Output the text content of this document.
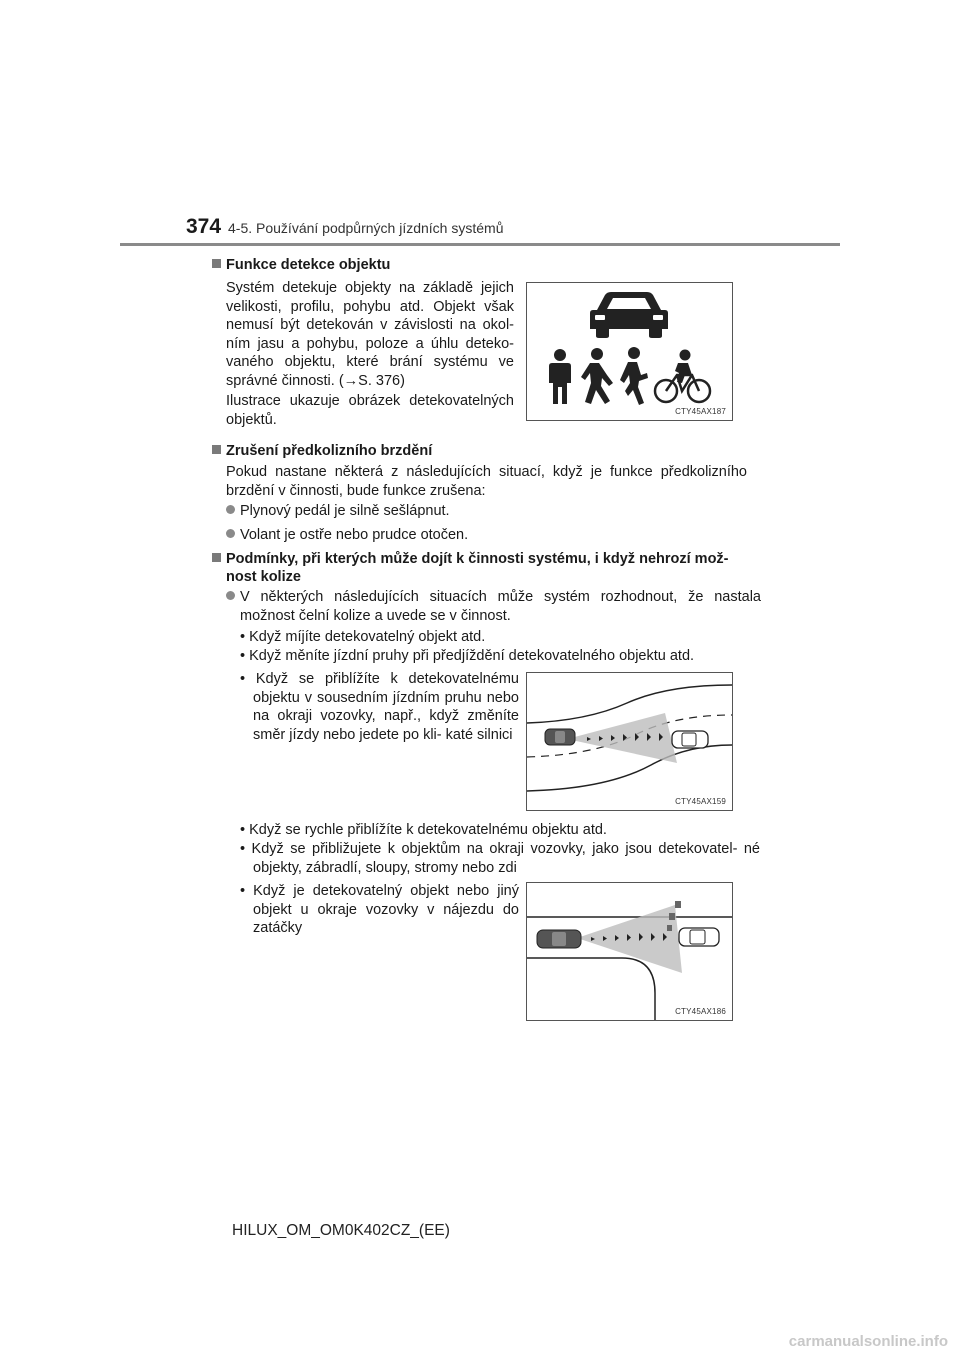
374 4-5. Používání podpůrných jízdních systémů
Funkce detekce objektu
Systém detekuje objekty na základě jejich velikosti, profilu, pohybu atd. Objekt však nemusí být detekován v závislosti na okol- ním jasu a pohybu, poloze a úhlu deteko- vaného objektu, které brání systému ve správné činnosti. (→S. 376)
Ilustrace ukazuje obrázek detekovatelných objektů.	CTY45AX187
Zrušení předkolizního brzdění
Pokud nastane některá z následujících situací, když je funkce předkolizního brzdění v činnosti, bude funkce zrušena:
Plynový pedál je silně sešlápnut.
Volant je ostře nebo prudce otočen.
Podmínky, při kterých může dojít k činnosti systému, i když nehrozí mož-
nost kolize
V některých následujících situacích může systém rozhodnout, že nastala možnost čelní kolize a uvede se v činnost.
• Když míjíte detekovatelný objekt atd.
• Když měníte jízdní pruhy při předjíždění detekovatelného objektu atd.
• Když se přiblížíte k detekovatelnému objektu v sousedním jízdním pruhu nebo na okraji vozovky, např., když změníte směr jízdy nebo jedete po kli- katé silnici
CTY45AX159
• Když se rychle přiblížíte k detekovatelnému objektu atd.
• Když se přibližujete k objektům na okraji vozovky, jako jsou detekovatel- né objekty, zábradlí, sloupy, stromy nebo zdi
• Když je detekovatelný objekt nebo jiný objekt u okraje vozovky v nájezdu do zatáčky
CTY45AX186
HILUX_OM_OM0K402CZ_(EE)
carmanualsonline.info
